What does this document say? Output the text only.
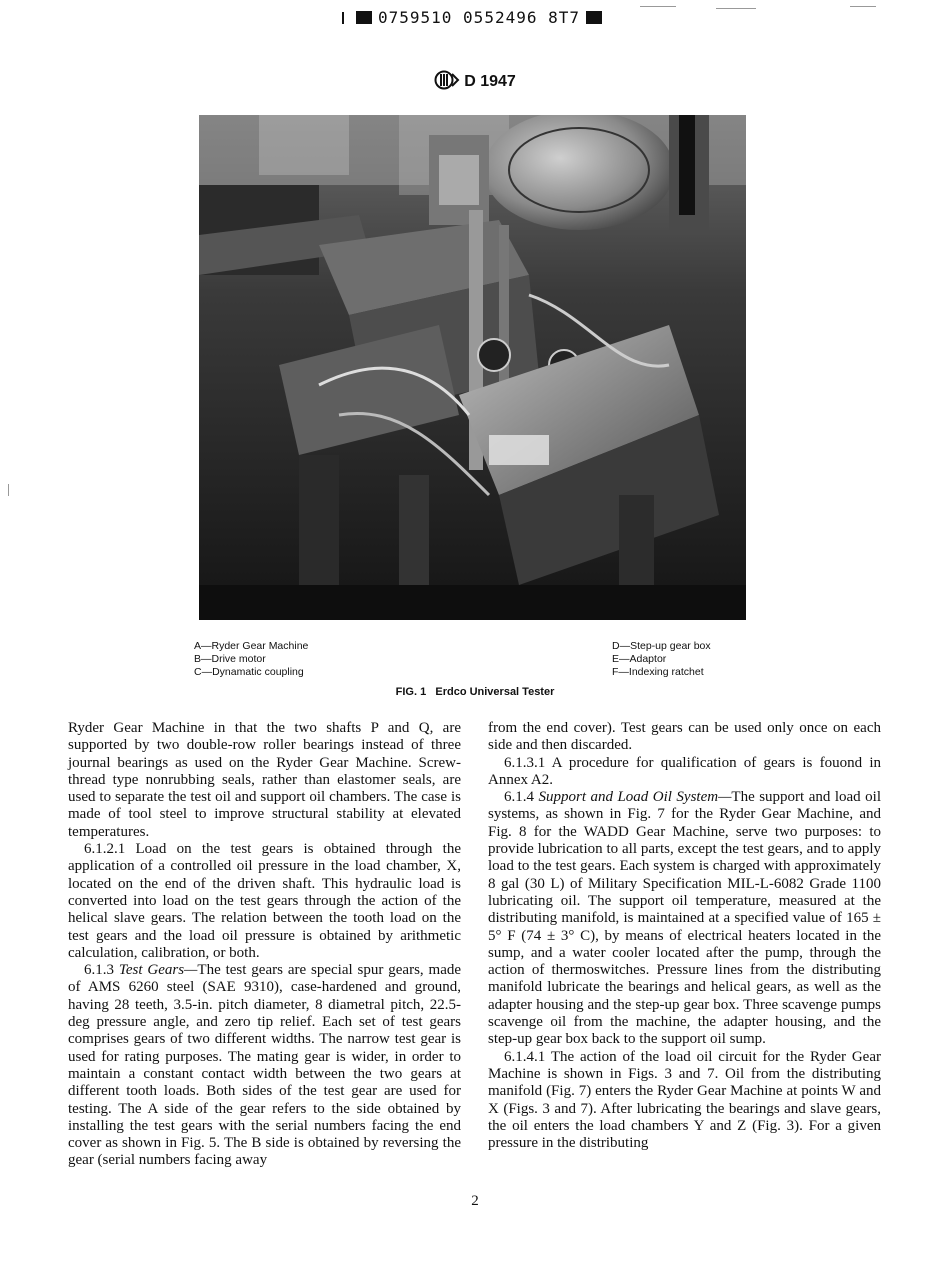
0759510 0552496 8T7
D 1947
A—Ryder Gear Machine
B—Drive motor
C—Dynamatic coupling
D—Step-up gear box
E—Adaptor
F—Indexing ratchet
FIG. 1 Erdco Universal Tester

Ryder Gear Machine in that the two shafts P and Q, are supported by two double-row roller bearings instead of three journal bearings as used on the Ryder Gear Machine. Screw-thread type nonrubbing seals, rather than elastomer seals, are used to separate the test oil and support oil chambers. The case is made of tool steel to improve structural stability at elevated temperatures.

6.1.2.1 Load on the test gears is obtained through the application of a controlled oil pressure in the load chamber, X, located on the end of the driven shaft. This hydraulic load is converted into load on the test gears through the action of the helical slave gears. The relation between the tooth load on the test gears and the load oil pressure is obtained by arithmetic calculation, calibration, or both.

6.1.3 Test Gears—The test gears are special spur gears, made of AMS 6260 steel (SAE 9310), case-hardened and ground, having 28 teeth, 3.5-in. pitch diameter, 8 diametral pitch, 22.5-deg pressure angle, and zero tip relief. Each set of test gears comprises gears of two different widths. The narrow test gear is used for rating purposes. The mating gear is wider, in order to maintain a constant contact width between the two gears at different tooth loads. Both sides of the test gear are used for testing. The A side of the gear refers to the side obtained by installing the test gears with the serial numbers facing the end cover as shown in Fig. 5. The B side is obtained by reversing the gear (serial numbers facing away

from the end cover). Test gears can be used only once on each side and then discarded.

6.1.3.1 A procedure for qualification of gears is fouond in Annex A2.

6.1.4 Support and Load Oil System—The support and load oil systems, as shown in Fig. 7 for the Ryder Gear Machine, and Fig. 8 for the WADD Gear Machine, serve two purposes: to provide lubrication to all parts, except the test gears, and to apply load to the test gears. Each system is charged with approximately 8 gal (30 L) of Military Specification MIL-L-6082 Grade 1100 lubricating oil. The support oil temperature, measured at the distributing manifold, is maintained at a specified value of 165 ± 5° F (74 ± 3° C), by means of electrical heaters located in the sump, and a water cooler located after the pump, through the action of thermoswitches. Pressure lines from the distributing manifold lubricate the bearings and helical gears, as well as the adapter housing and the step-up gear box. Three scavenge pumps scavenge oil from the machine, the adapter housing, and the step-up gear box back to the support oil sump.

6.1.4.1 The action of the load oil circuit for the Ryder Gear Machine is shown in Figs. 3 and 7. Oil from the distributing manifold (Fig. 7) enters the Ryder Gear Machine at points W and X (Figs. 3 and 7). After lubricating the bearings and slave gears, the oil enters the load chambers Y and Z (Fig. 3). For a given pressure in the distributing

2
